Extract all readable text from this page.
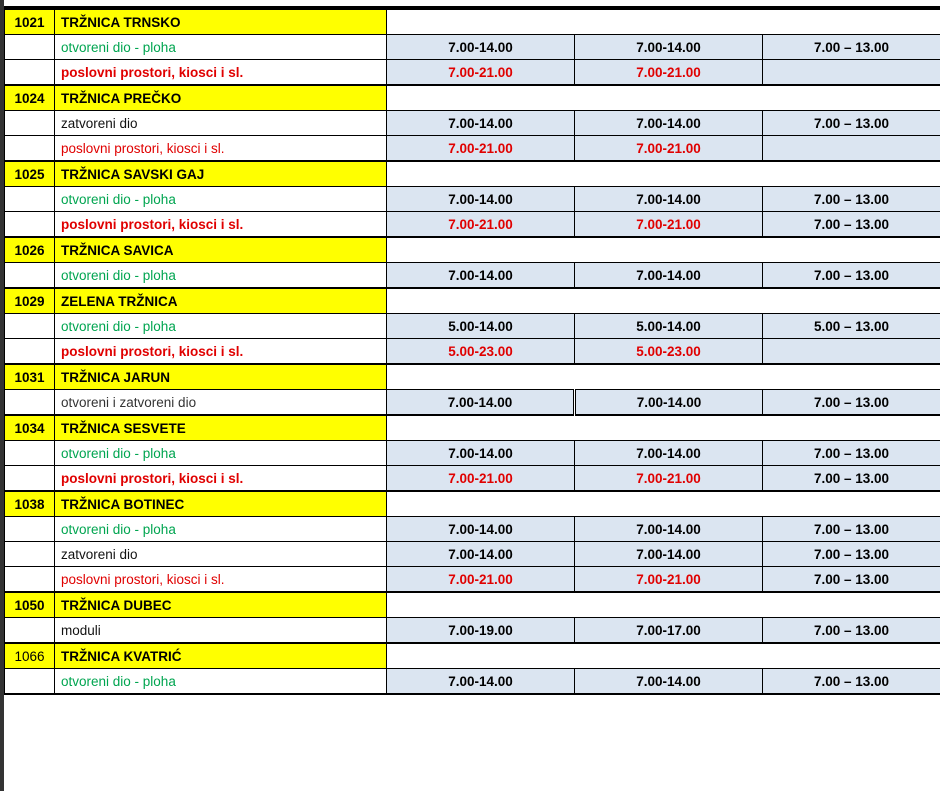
1021	TRŽNICA TRNSKO			
	otvoreni dio - ploha	7.00-14.00	7.00-14.00	7.00 – 13.00
	poslovni prostori, kiosci i sl.	7.00-21.00	7.00-21.00	
1024	TRŽNICA PREČKO			
	zatvoreni dio	7.00-14.00	7.00-14.00	7.00 – 13.00
	poslovni prostori, kiosci i sl.	7.00-21.00	7.00-21.00	
1025	TRŽNICA SAVSKI GAJ			
	otvoreni dio - ploha	7.00-14.00	7.00-14.00	7.00 – 13.00
	poslovni prostori, kiosci i sl.	7.00-21.00	7.00-21.00	7.00 – 13.00
1026	TRŽNICA SAVICA			
	otvoreni dio - ploha	7.00-14.00	7.00-14.00	7.00 – 13.00
1029	ZELENA TRŽNICA			
	otvoreni dio - ploha	5.00-14.00	5.00-14.00	5.00 – 13.00
	poslovni prostori, kiosci i sl.	5.00-23.00	5.00-23.00	
1031	TRŽNICA JARUN			
	otvoreni i zatvoreni dio	7.00-14.00	7.00-14.00	7.00 – 13.00
1034	TRŽNICA SESVETE			
	otvoreni dio - ploha	7.00-14.00	7.00-14.00	7.00 – 13.00
	poslovni prostori, kiosci i sl.	7.00-21.00	7.00-21.00	7.00 – 13.00
1038	TRŽNICA BOTINEC			
	otvoreni dio - ploha	7.00-14.00	7.00-14.00	7.00 – 13.00
	zatvoreni dio	7.00-14.00	7.00-14.00	7.00 – 13.00
	poslovni prostori, kiosci i sl.	7.00-21.00	7.00-21.00	7.00 – 13.00
1050	TRŽNICA DUBEC			
	moduli	7.00-19.00	7.00-17.00	7.00 – 13.00
1066	TRŽNICA KVATRIĆ			
	otvoreni dio - ploha	7.00-14.00	7.00-14.00	7.00 – 13.00
